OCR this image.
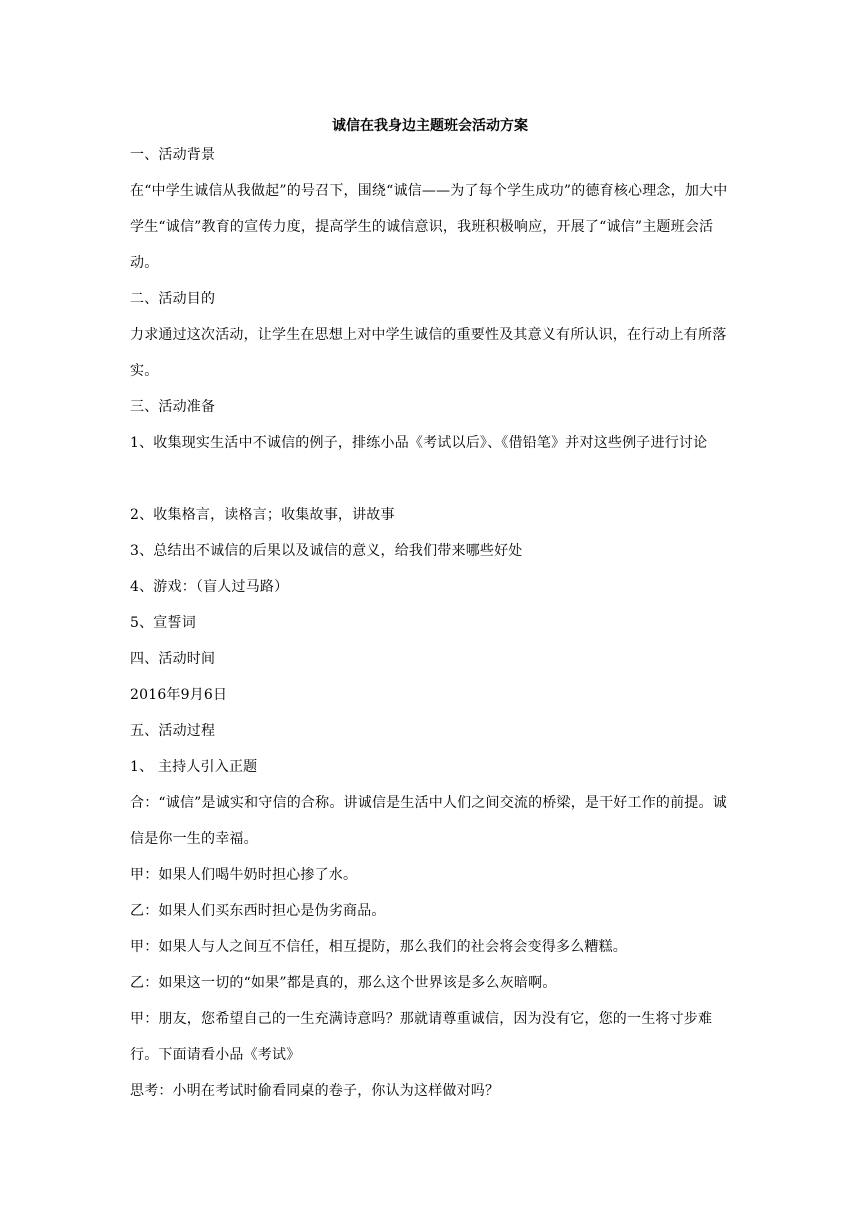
诚信在我身边主题班会活动方案
一、活动背景
在“中学生诚信从我做起”的号召下，围绕“诚信——为了每个学生成功”的德育核心理念，加大中学生“诚信”教育的宣传力度，提高学生的诚信意识，我班积极响应，开展了“诚信”主题班会活动。
二、活动目的
力求通过这次活动，让学生在思想上对中学生诚信的重要性及其意义有所认识，在行动上有所落实。
三、活动准备
1、收集现实生活中不诚信的例子，排练小品《考试以后》、《借铅笔》并对这些例子进行讨论
2、收集格言，读格言；收集故事，讲故事
3、总结出不诚信的后果以及诚信的意义，给我们带来哪些好处
4、游戏：（盲人过马路）
5、宣誓词
四、活动时间
2016年9月6日
五、活动过程
1、 主持人引入正题
合：“诚信”是诚实和守信的合称。讲诚信是生活中人们之间交流的桥梁，是干好工作的前提。诚信是你一生的幸福。
甲：如果人们喝牛奶时担心掺了水。
乙：如果人们买东西时担心是伪劣商品。
甲：如果人与人之间互不信任，相互提防，那么我们的社会将会变得多么糟糕。
乙：如果这一切的“如果”都是真的，那么这个世界该是多么灰暗啊。
甲：朋友，您希望自己的一生充满诗意吗？那就请尊重诚信，因为没有它，您的一生将寸步难行。下面请看小品《考试》
思考：小明在考试时偷看同桌的卷子，你认为这样做对吗？
